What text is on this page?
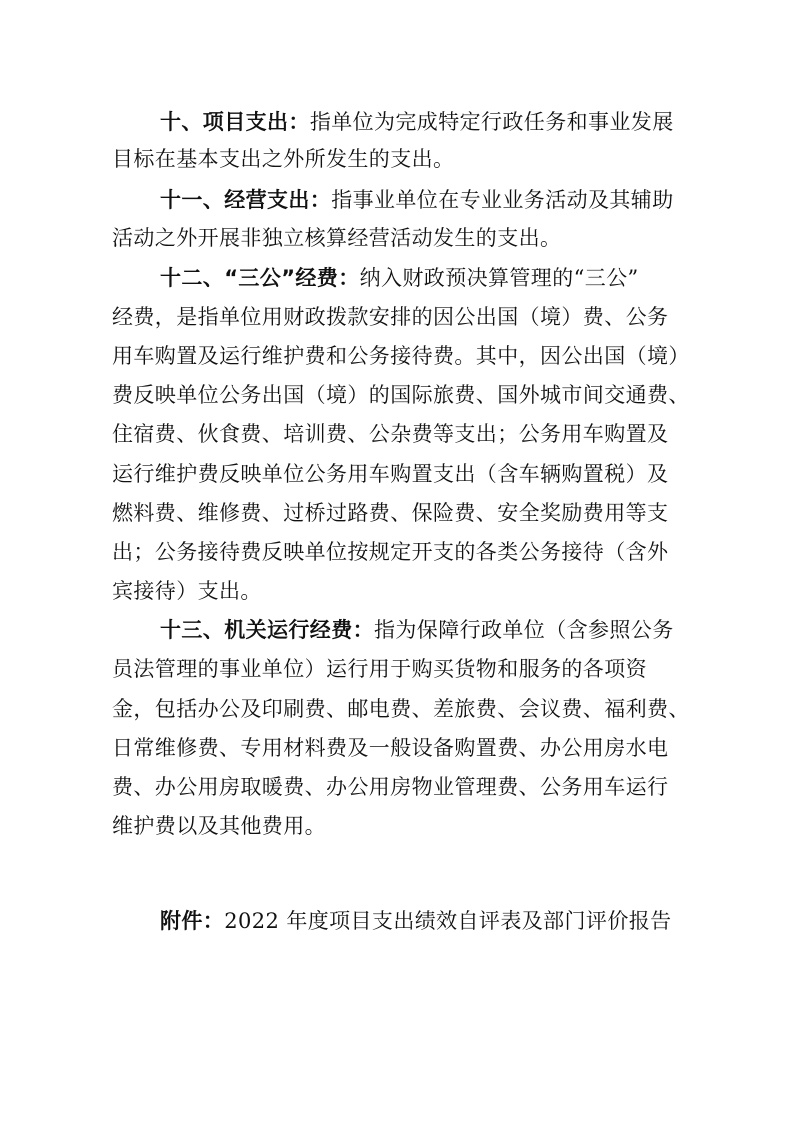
十、项目支出：指单位为完成特定行政任务和事业发展
目标在基本支出之外所发生的支出。
十一、经营支出：指事业单位在专业业务活动及其辅助
活动之外开展非独立核算经营活动发生的支出。
十二、“三公”经费：纳入财政预决算管理的“三公”
经费，是指单位用财政拨款安排的因公出国（境）费、公务
用车购置及运行维护费和公务接待费。其中，因公出国（境）
费反映单位公务出国（境）的国际旅费、国外城市间交通费、
住宿费、伙食费、培训费、公杂费等支出；公务用车购置及
运行维护费反映单位公务用车购置支出（含车辆购置税）及
燃料费、维修费、过桥过路费、保险费、安全奖励费用等支
出；公务接待费反映单位按规定开支的各类公务接待（含外
宾接待）支出。
十三、机关运行经费：指为保障行政单位（含参照公务
员法管理的事业单位）运行用于购买货物和服务的各项资
金，包括办公及印刷费、邮电费、差旅费、会议费、福利费、
日常维修费、专用材料费及一般设备购置费、办公用房水电
费、办公用房取暖费、办公用房物业管理费、公务用车运行
维护费以及其他费用。
附件：2022 年度项目支出绩效自评表及部门评价报告
